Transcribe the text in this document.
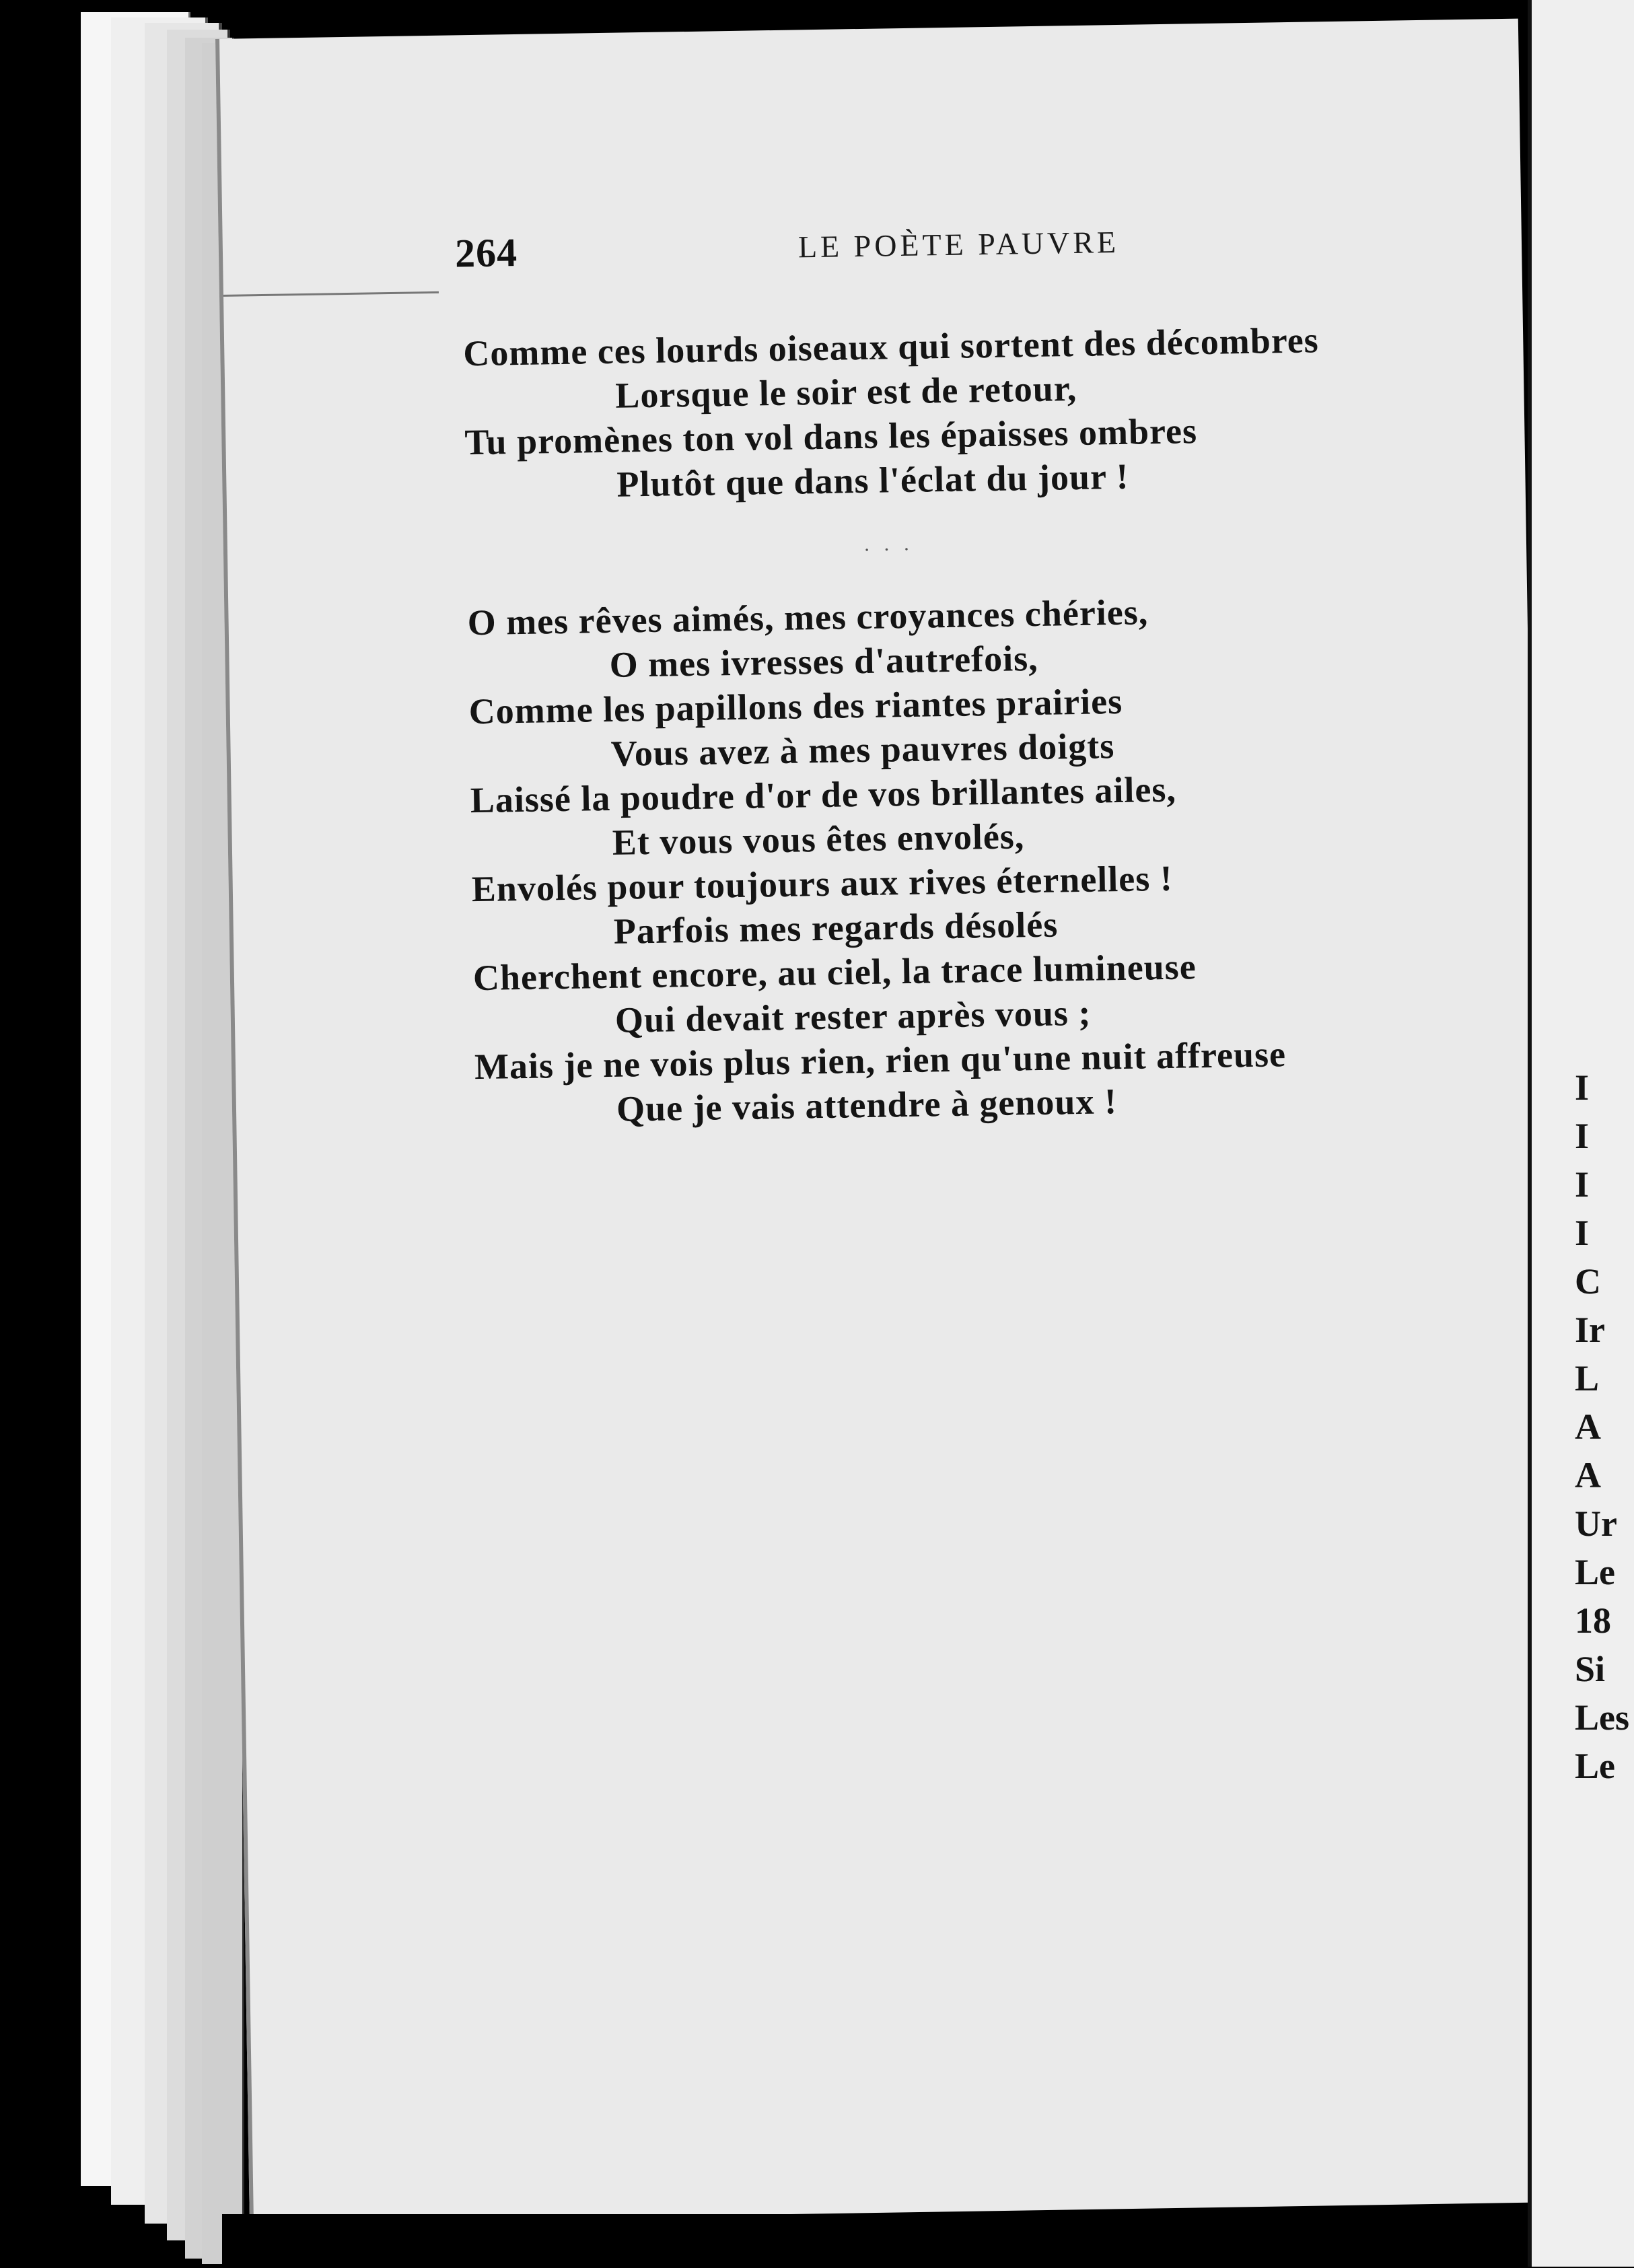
264	LE POÈTE PAUVRE
Comme ces lourds oiseaux qui sortent des décombres
Lorsque le soir est de retour,
Tu promènes ton vol dans les épaisses ombres
Plutôt que dans l'éclat du jour !
· · ·
O mes rêves aimés, mes croyances chéries,
O mes ivresses d'autrefois,
Comme les papillons des riantes prairies
Vous avez à mes pauvres doigts
Laissé la poudre d'or de vos brillantes ailes,
Et vous vous êtes envolés,
Envolés pour toujours aux rives éternelles !
Parfois mes regards désolés
Cherchent encore, au ciel, la trace lumineuse
Qui devait rester après vous ;
Mais je ne vois plus rien, rien qu'une nuit affreuse
Que je vais attendre à genoux !	I
I
I
I
C
Ir
L
A
A
Ur
Le
18
Si
Les
Le
